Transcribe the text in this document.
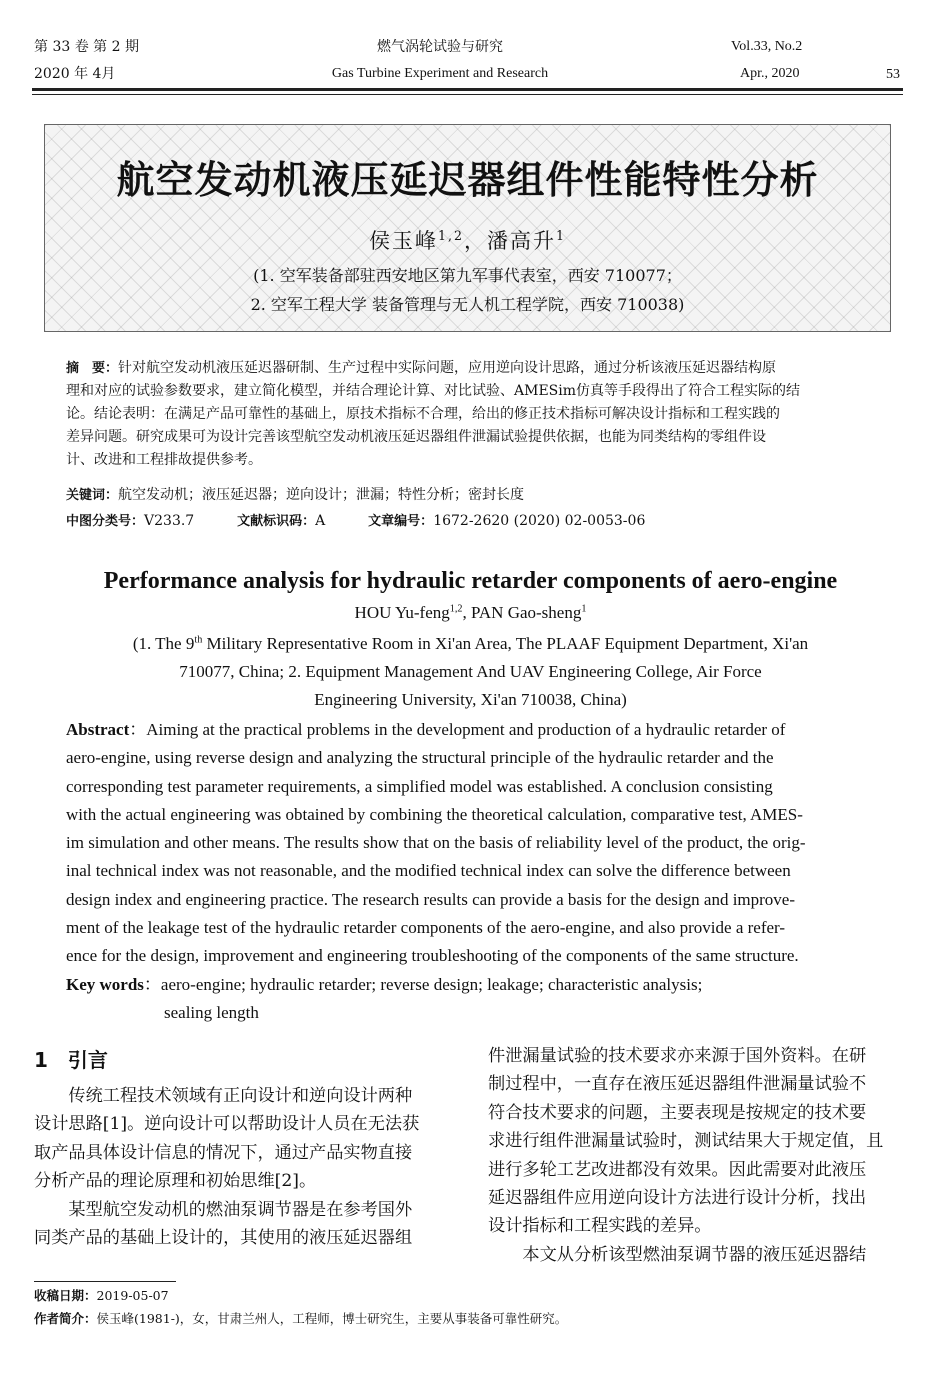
第 33 卷 第 2 期
2020 年 4月
燃气涡轮试验与研究
Gas Turbine Experiment and Research
Vol.33, No.2
Apr., 2020	53
航空发动机液压延迟器组件性能特性分析
侯玉峰$^{1,2}$，潘高升$^1$
(1. 空军装备部驻西安地区第九军事代表室，西安 710077；
2. 空军工程大学 装备管理与无人机工程学院，西安 710038)
摘　要：针对航空发动机液压延迟器研制、生产过程中实际问题，应用逆向设计思路，通过分析该液压延迟器结构原
理和对应的试验参数要求，建立简化模型，并结合理论计算、对比试验、AMESim仿真等手段得出了符合工程实际的结
论。结论表明：在满足产品可靠性的基础上，原技术指标不合理，给出的修正技术指标可解决设计指标和工程实践的
差异问题。研究成果可为设计完善该型航空发动机液压延迟器组件泄漏试验提供依据，也能为同类结构的零组件设
计、改进和工程排故提供参考。
关键词：航空发动机；液压延迟器；逆向设计；泄漏；特性分析；密封长度
中图分类号：V233.7	文献标识码：A	文章编号：1672-2620 (2020) 02-0053-06
Performance analysis for hydraulic retarder components of aero-engine
HOU Yu-feng$^{1,2}$, PAN Gao-sheng$^1$
(1. The 9th Military Representative Room in Xi'an Area, The PLAAF Equipment Department, Xi'an
710077, China; 2. Equipment Management And UAV Engineering College, Air Force
Engineering University, Xi'an 710038, China)
Abstract：Aiming at the practical problems in the development and production of a hydraulic retarder of
aero-engine, using reverse design and analyzing the structural principle of the hydraulic retarder and the
corresponding test parameter requirements, a simplified model was established. A conclusion consisting
with the actual engineering was obtained by combining the theoretical calculation, comparative test, AMES-
im simulation and other means. The results show that on the basis of reliability level of the product, the orig-
inal technical index was not reasonable, and the modified technical index can solve the difference between
design index and engineering practice. The research results can provide a basis for the design and improve-
ment of the leakage test of the hydraulic retarder components of the aero-engine, and also provide a refer-
ence for the design, improvement and engineering troubleshooting of the components of the same structure.
Key words：aero-engine; hydraulic retarder; reverse design; leakage; characteristic analysis;
sealing length
1　引言
　　传统工程技术领域有正向设计和逆向设计两种
设计思路[1]。逆向设计可以帮助设计人员在无法获
取产品具体设计信息的情况下，通过产品实物直接
分析产品的理论原理和初始思维[2]。
　　某型航空发动机的燃油泵调节器是在参考国外
同类产品的基础上设计的，其使用的液压延迟器组
件泄漏量试验的技术要求亦来源于国外资料。在研
制过程中，一直存在液压延迟器组件泄漏量试验不
符合技术要求的问题，主要表现是按规定的技术要
求进行组件泄漏量试验时，测试结果大于规定值，且
进行多轮工艺改进都没有效果。因此需要对此液压
延迟器组件应用逆向设计方法进行设计分析，找出
设计指标和工程实践的差异。
　　本文从分析该型燃油泵调节器的液压延迟器结
收稿日期：2019-05-07
作者简介：侯玉峰(1981-)，女，甘肃兰州人，工程师，博士研究生，主要从事装备可靠性研究。
